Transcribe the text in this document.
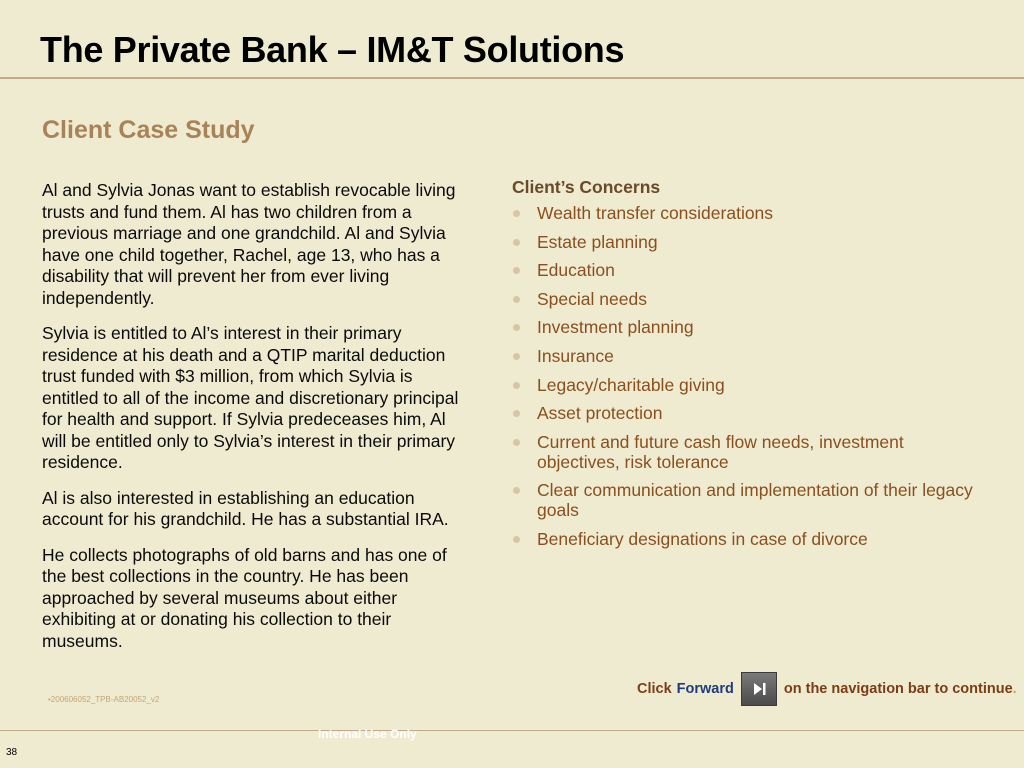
The Private Bank – IM&T Solutions
Client Case Study

Al and Sylvia Jonas want to establish revocable living trusts and fund them. Al has two children from a previous marriage and one grandchild. Al and Sylvia have one child together, Rachel, age 13, who has a disability that will prevent her from ever living independently.

Sylvia is entitled to Al’s interest in their primary residence at his death and a QTIP marital deduction trust funded with $3 million, from which Sylvia is entitled to all of the income and discretionary principal for health and support. If Sylvia predeceases him, Al will be entitled only to Sylvia’s interest in their primary residence.

Al is also interested in establishing an education account for his grandchild. He has a substantial IRA.

He collects photographs of old barns and has one of the best collections in the country. He has been approached by several museums about either exhibiting at or donating his collection to their museums.

Client’s Concerns
Wealth transfer considerations
Estate planning
Education
Special needs
Investment planning
Insurance
Legacy/charitable giving
Asset protection
Current and future cash flow needs, investment objectives, risk tolerance
Clear communication and implementation of their legacy goals
Beneficiary designations in case of divorce
Click Forward	on the navigation bar to continue .
•200606052_TPB-AB20052_v2
Internal Use Only
38
